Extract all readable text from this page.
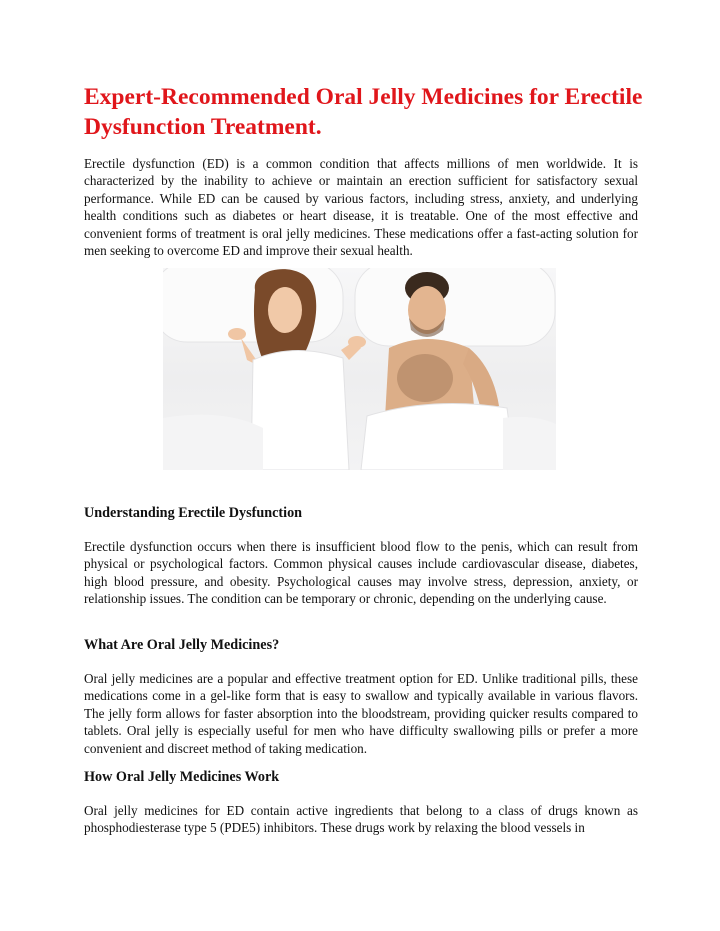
Expert-Recommended Oral Jelly Medicines for Erectile Dysfunction Treatment.

Erectile dysfunction (ED) is a common condition that affects millions of men worldwide. It is characterized by the inability to achieve or maintain an erection sufficient for satisfactory sexual performance. While ED can be caused by various factors, including stress, anxiety, and underlying health conditions such as diabetes or heart disease, it is treatable. One of the most effective and convenient forms of treatment is oral jelly medicines. These medications offer a fast-acting solution for men seeking to overcome ED and improve their sexual health.

Understanding Erectile Dysfunction

Erectile dysfunction occurs when there is insufficient blood flow to the penis, which can result from physical or psychological factors. Common physical causes include cardiovascular disease, diabetes, high blood pressure, and obesity. Psychological causes may involve stress, depression, anxiety, or relationship issues. The condition can be temporary or chronic, depending on the underlying cause.

What Are Oral Jelly Medicines?

Oral jelly medicines are a popular and effective treatment option for ED. Unlike traditional pills, these medications come in a gel-like form that is easy to swallow and typically available in various flavors. The jelly form allows for faster absorption into the bloodstream, providing quicker results compared to tablets. Oral jelly is especially useful for men who have difficulty swallowing pills or prefer a more convenient and discreet method of taking medication.

How Oral Jelly Medicines Work

Oral jelly medicines for ED contain active ingredients that belong to a class of drugs known as phosphodiesterase type 5 (PDE5) inhibitors. These drugs work by relaxing the blood vessels in
